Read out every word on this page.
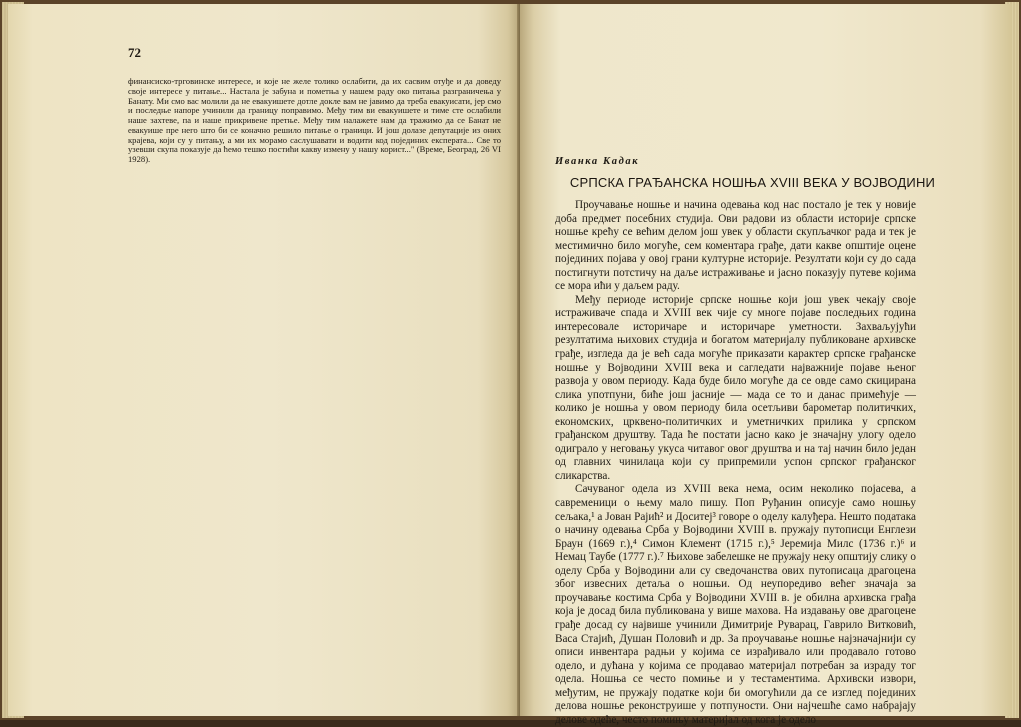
72

финансиско-трговинске интересе, и које не желе толико ослабити, да их сасвим отуђе и да доведу своје интересе у питање... Настала је забуна и пометња у нашем раду око питања разграничења у Банату. Ми смо вас молили да не евакуишете дотле докле вам не јавимо да треба евакуисати, јер смо и последње напоре учинили да границу поправимо. Међу тим ви евакуишете и тиме сте ослабили наше захтеве, па и наше прикривене претње. Међу тим налажете нам да тражимо да се Банат не евакуише пре него што би се коначно решило питање о граници. И још долазе депутације из оних крајева, који су у питању, а ми их морамо саслушавати и водити код појединих експерата... Све то узевши скупа показује да ћемо тешко постићи какву измену у нашу корист..." (Време, Београд, 26 VI 1928).	Иванка Кадак
СРПСКА ГРАЂАНСКА НОШЊА XVIII ВЕКА У ВОЈВОДИНИ

Проучавање ношње и начина одевања код нас постало је тек у новије доба предмет посебних студија. Ови радови из области историје српске ношње крећу се већим делом још увек у области скупљачког рада и тек је местимично било могуће, сем коментара грађе, дати какве општије оцене појединих појава у овој грани културне историје. Резултати који су до сада постигнути потстичу на даље истраживање и јасно показују путеве којима се мора ићи у даљем раду.

Међу периоде историје српске ношње који још увек чекају своје истраживаче спада и XVIII век чије су многе појаве последњих година интересовале историчаре и историчаре уметности. Захваљујући резултатима њихових студија и богатом материјалу публиковане архивске грађе, изгледа да је већ сада могуће приказати карактер српске грађанске ношње у Војводини XVIII века и сагледати најважније појаве њеног развоја у овом периоду. Када буде било могуће да се овде само скицирана слика употпуни, биће још јасније — мада се то и данас примећује — колико је ношња у овом периоду била осетљиви барометар политичких, економских, црквено-политичких и уметничких прилика у српском грађанском друштву. Тада ће постати јасно како је значајну улогу одело одиграло у неговању укуса читавог овог друштва и на тај начин било један од главних чинилаца који су припремили успон српског грађанског сликарства.

Сачуваног одела из XVIII века нема, осим неколико појасева, а савременици о њему мало пишу. Поп Руђанин описује само ношњу сељака,¹ а Јован Рајић² и Доситеј³ говоре о оделу калуђера. Нешто података о начину одевања Срба у Војводини XVIII в. пружају путописци Енглези Браун (1669 г.),⁴ Симон Клемент (1715 г.),⁵ Јеремија Милс (1736 г.)⁶ и Немац Таубе (1777 г.).⁷ Њихове забелешке не пружају неку општију слику о оделу Срба у Војводини али су сведочанства ових путописаца драгоцена због извесних детаља о ношњи. Од неупоредиво већег значаја за проучавање костима Срба у Војводини XVIII в. је обилна архивска грађа која је досад била публикована у више махова. На издавању ове драгоцене грађе досад су највише учинили Димитрије Руварац, Гаврило Витковић, Васа Стајић, Душан Половић и др. За проучавање ношње најзначајнији су описи инвентара радњи у којима се израђивало или продавало готово одело, и дућана у којима се продавао материјал потребан за израду тог одела. Ношња се често помиње и у тестаментима. Архивски извори, међутим, не пружају податке који би омогућили да се изглед појединих делова ношње реконструише у потпуности. Они најчешће само набрајају делове одеће, често помињу материјал од кога је одело
